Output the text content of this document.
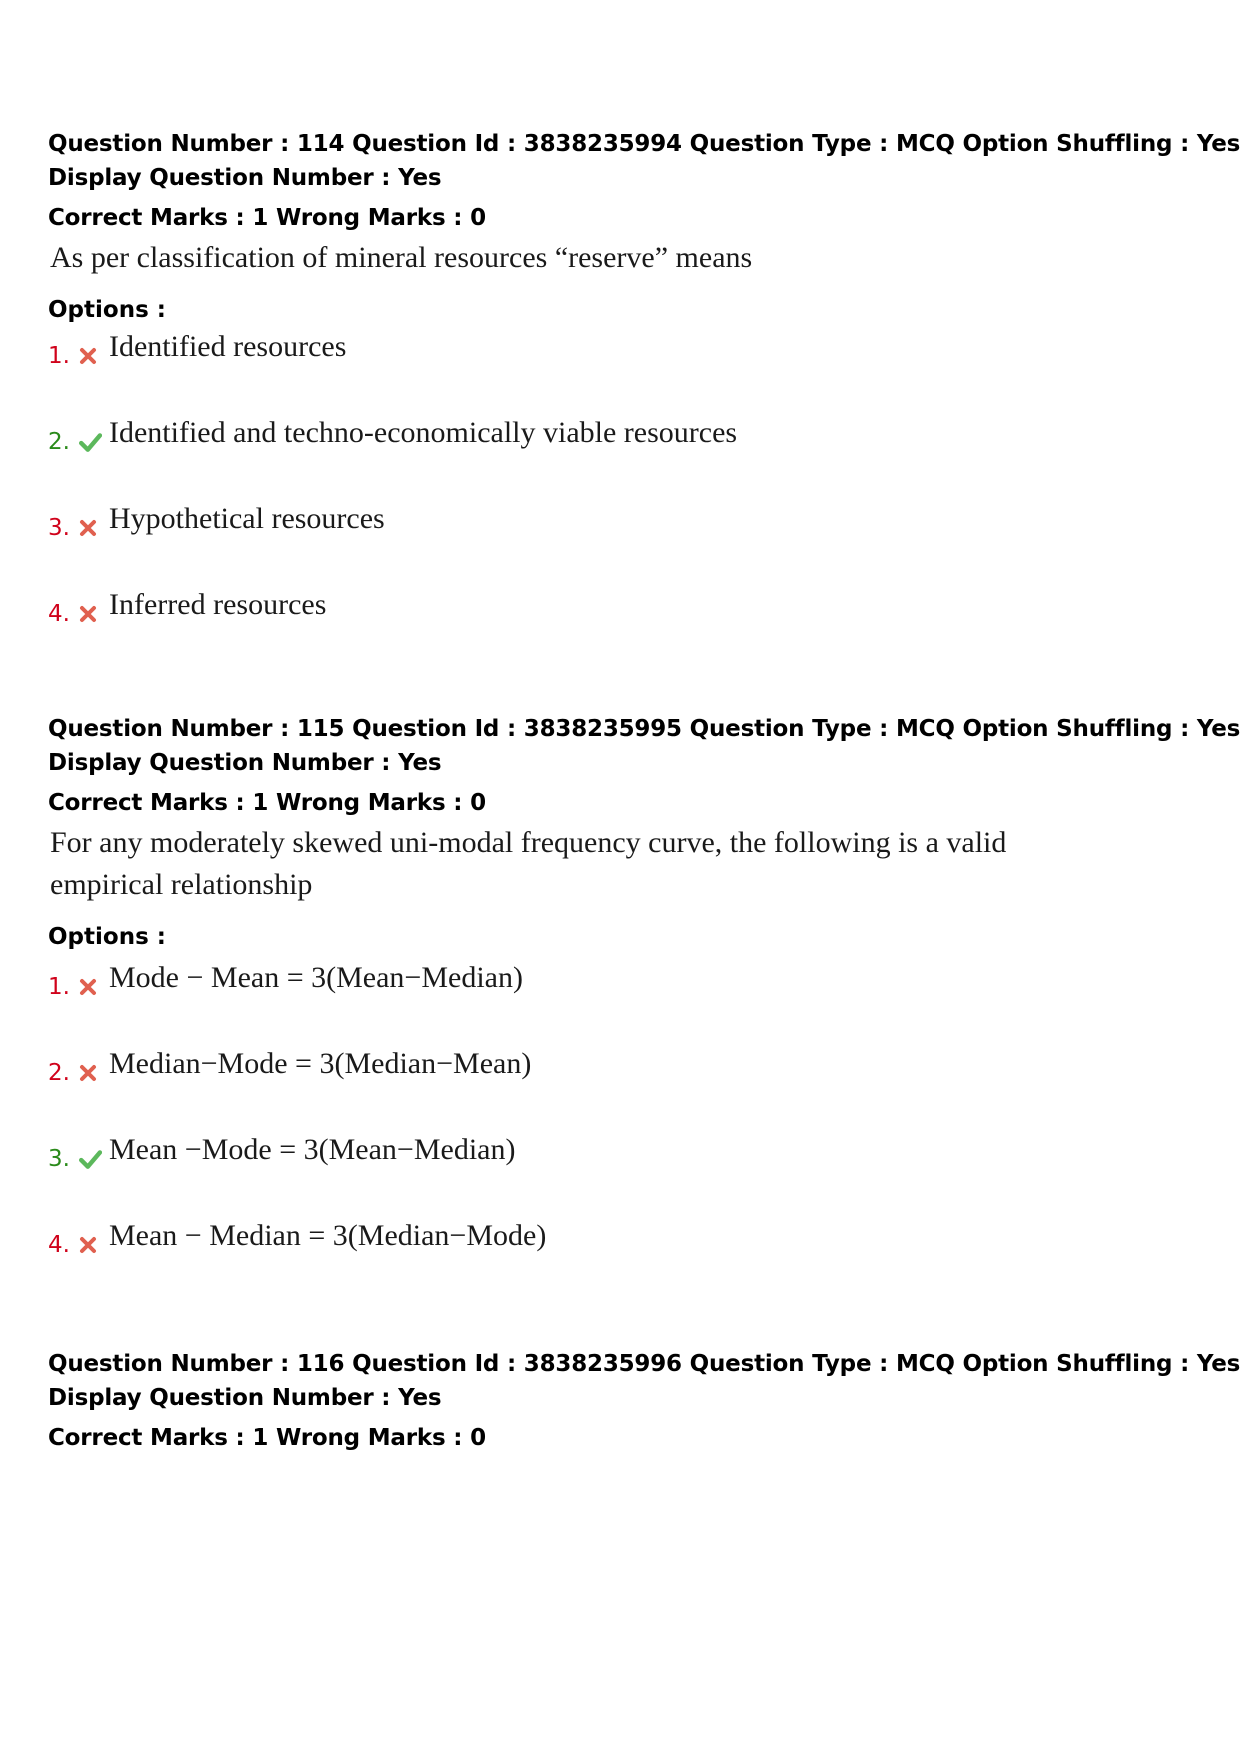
Question Number : 114 Question Id : 3838235994 Question Type : MCQ Option Shuffling : Yes
Display Question Number : Yes
Correct Marks : 1 Wrong Marks : 0
As per classification of mineral resources “reserve” means
Options :
1. Identified resources
2. Identified and techno-economically viable resources
3. Hypothetical resources
4. Inferred resources
Question Number : 115 Question Id : 3838235995 Question Type : MCQ Option Shuffling : Yes
Display Question Number : Yes
Correct Marks : 1 Wrong Marks : 0
For any moderately skewed uni-modal frequency curve, the following is a valid
empirical relationship
Options :
1. Mode − Mean = 3(Mean−Median)
2. Median−Mode = 3(Median−Mean)
3. Mean −Mode = 3(Mean−Median)
4. Mean − Median = 3(Median−Mode)
Question Number : 116 Question Id : 3838235996 Question Type : MCQ Option Shuffling : Yes
Display Question Number : Yes
Correct Marks : 1 Wrong Marks : 0
